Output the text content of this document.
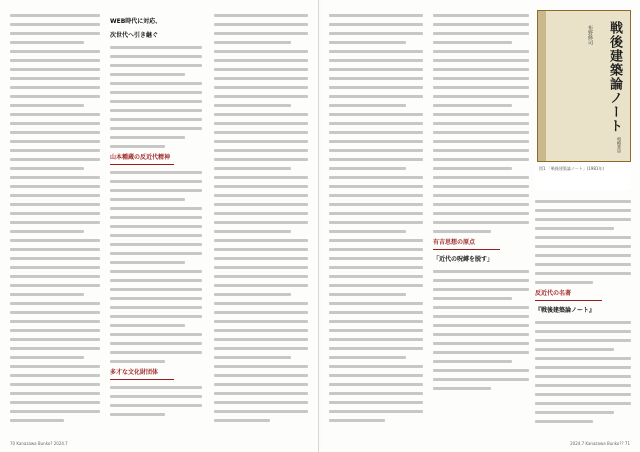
WEB時代に対応、
次世代へ引き継ぐ
山本種蔵の反近代精神
多才な文化財団体
70 Kanazawa Bunko? 2024.7
有吉思想の原点
「近代の呪縛を脱す」
反近代の名著
『戦後建築論ノート』
戦後建築論ノート
布野修司
相模書房
図1 「戦後建築論ノート」(1981年)
2024.7 Kanazawa Bunko?? 71
